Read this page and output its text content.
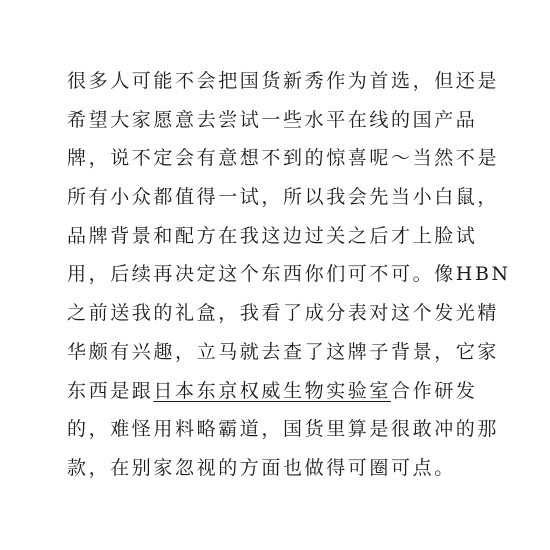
很多人可能不会把国货新秀作为首选，但还是
希望大家愿意去尝试一些水平在线的国产品
牌，说不定会有意想不到的惊喜呢～当然不是
所有小众都值得一试，所以我会先当小白鼠，
品牌背景和配方在我这边过关之后才上脸试
用，后续再决定这个东西你们可不可。像HBN
之前送我的礼盒，我看了成分表对这个发光精
华颇有兴趣，立马就去查了这牌子背景，它家
东西是跟日本东京权威生物实验室合作研发
的，难怪用料略霸道，国货里算是很敢冲的那
款，在别家忽视的方面也做得可圈可点。
